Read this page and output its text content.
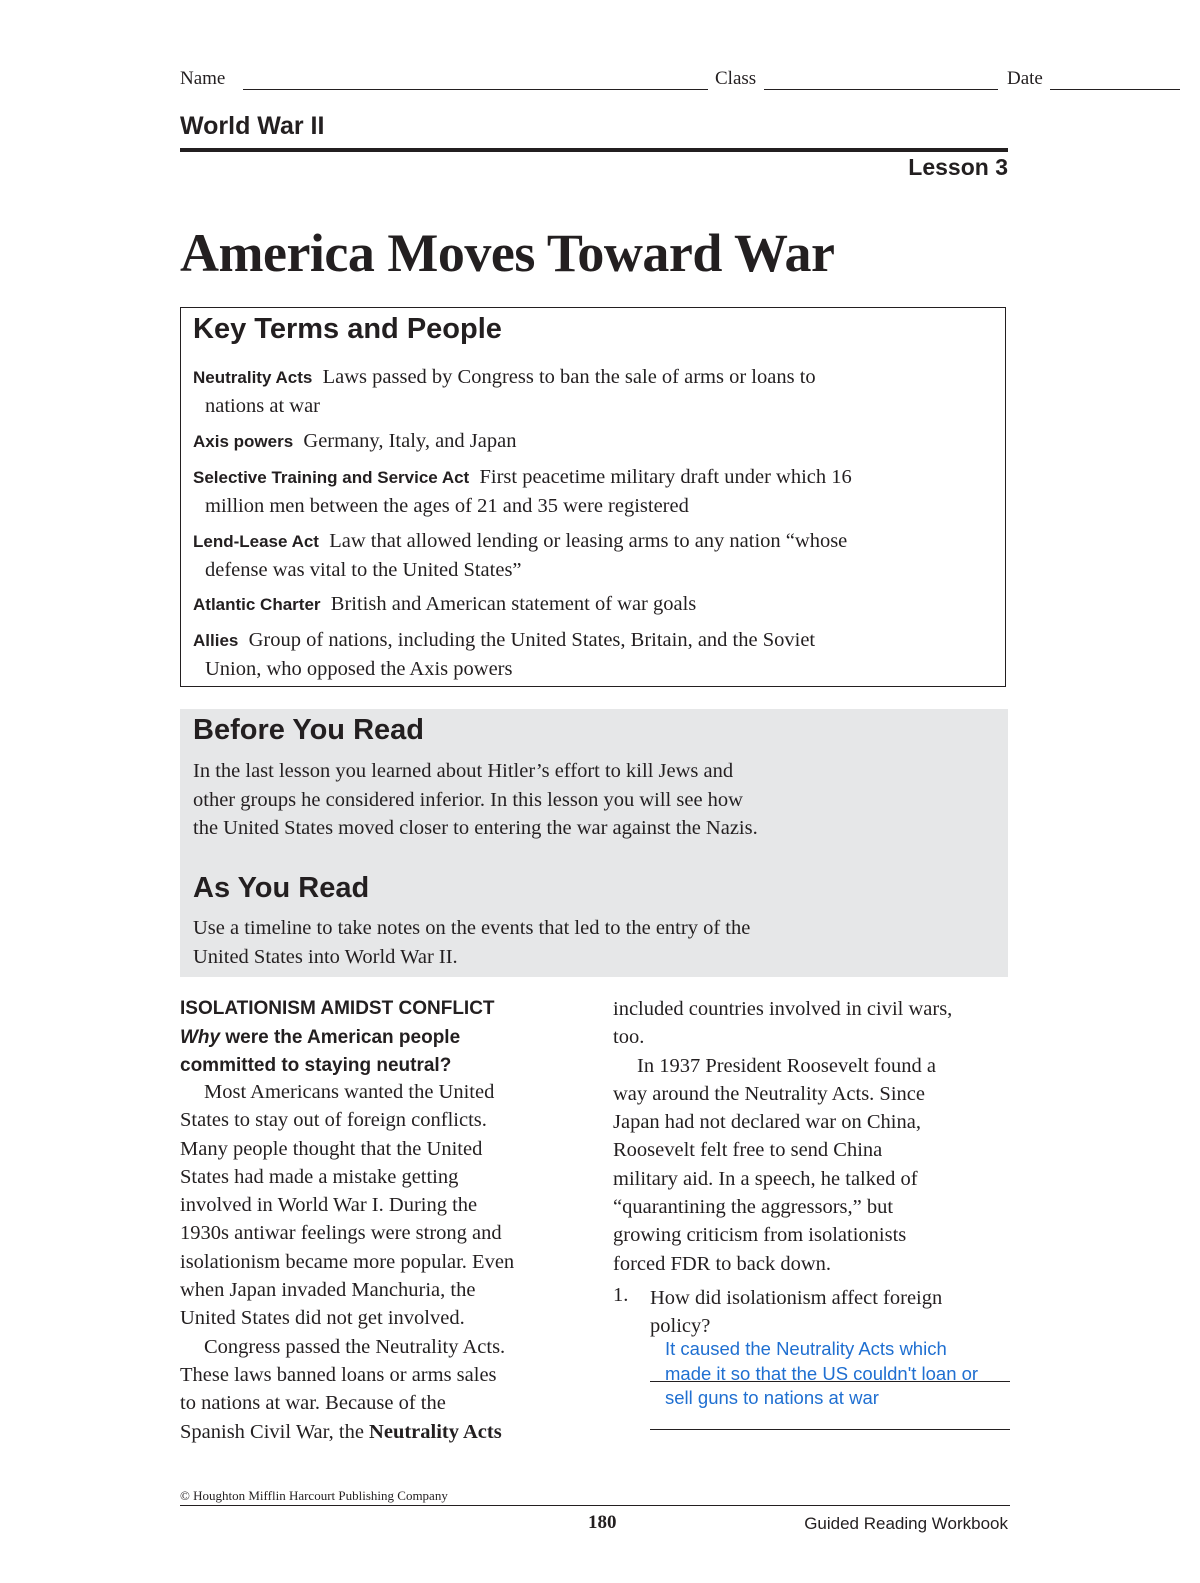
Name	Class	Date
World War II
Lesson 3
America Moves Toward War
Key Terms and People
Neutrality Acts Laws passed by Congress to ban the sale of arms or loans to
nations at war
Axis powers Germany, Italy, and Japan
Selective Training and Service Act First peacetime military draft under which 16
million men between the ages of 21 and 35 were registered
Lend-Lease Act Law that allowed lending or leasing arms to any nation “whose
defense was vital to the United States”
Atlantic Charter British and American statement of war goals
Allies Group of nations, including the United States, Britain, and the Soviet
Union, who opposed the Axis powers
Before You Read
In the last lesson you learned about Hitler’s effort to kill Jews and
other groups he considered inferior. In this lesson you will see how
the United States moved closer to entering the war against the Nazis.
As You Read
Use a timeline to take notes on the events that led to the entry of the
United States into World War II.
ISOLATIONISM AMIDST CONFLICT
Why were the American people
committed to staying neutral?
Most Americans wanted the United
States to stay out of foreign conflicts.
Many people thought that the United
States had made a mistake getting
involved in World War I. During the
1930s antiwar feelings were strong and
isolationism became more popular. Even
when Japan invaded Manchuria, the
United States did not get involved.
Congress passed the Neutrality Acts.
These laws banned loans or arms sales
to nations at war. Because of the
Spanish Civil War, the Neutrality Acts
included countries involved in civil wars,
too.
In 1937 President Roosevelt found a
way around the Neutrality Acts. Since
Japan had not declared war on China,
Roosevelt felt free to send China
military aid. In a speech, he talked of
“quarantining the aggressors,” but
growing criticism from isolationists
forced FDR to back down.
1. How did isolationism affect foreign
policy?
It caused the Neutrality Acts which
made it so that the US couldn't loan or
sell guns to nations at war
© Houghton Mifflin Harcourt Publishing Company
180	Guided Reading Workbook
